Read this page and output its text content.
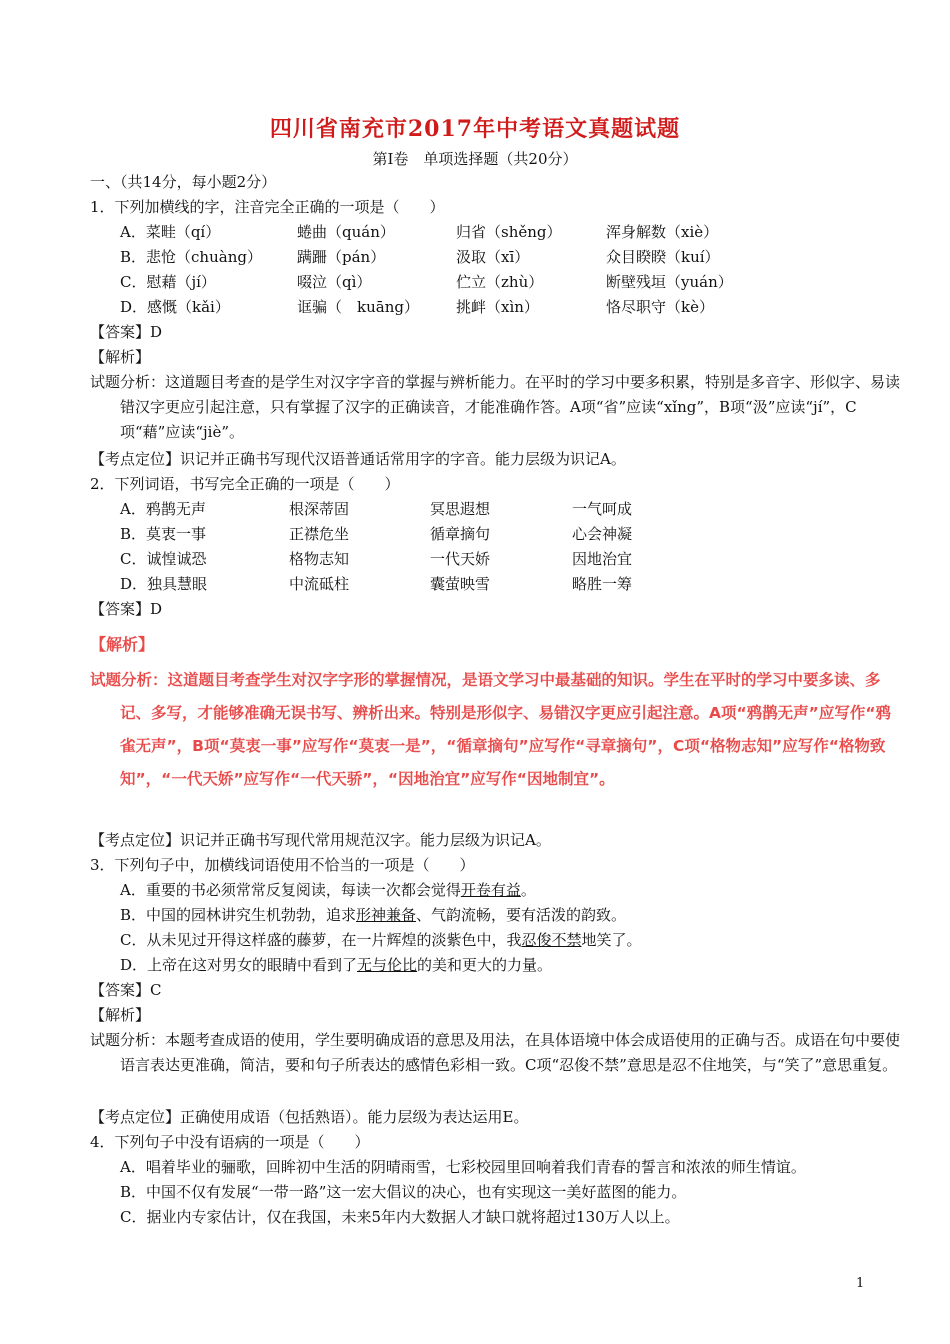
四川省南充市2017年中考语文真题试题
第Ⅰ卷　单项选择题（共20分）
一、（共14分，每小题2分）
1．下列加横线的字，注音完全正确的一项是（　　）
A．菜畦（qí）	蜷曲（quán）	归省（shěng）	浑身解数（xiè）
B．悲怆（chuàng） 蹒跚（pán）	汲取（xī）	众目睽睽（kuí）
C．慰藉（jí）	啜泣（qì）	伫立（zhù）	断壁残垣（yuán）
D．感慨（kǎi）	诓骗（　kuāng） 挑衅（xìn）	恪尽职守（kè）
【答案】D
【解析】
试题分析：这道题目考查的是学生对汉字字音的掌握与辨析能力。在平时的学习中要多积累，特别是多音字、形似字、易读错汉字更应引起注意，只有掌握了汉字的正确读音，才能准确作答。A项“省”应读“xǐng”，B项“汲”应读“jí”，C项“藉”应读“jiè”。
【考点定位】识记并正确书写现代汉语普通话常用字的字音。能力层级为识记A。
2．下列词语，书写完全正确的一项是（　　）
A．鸦鹊无声	根深蒂固	冥思遐想	一气呵成
B．莫衷一事	正襟危坐	循章摘句	心会神凝
C．诚惶诚恐	格物志知	一代天娇	因地治宜
D．独具慧眼	中流砥柱	囊萤映雪	略胜一筹
【答案】D
【解析】
试题分析：这道题目考查学生对汉字字形的掌握情况，是语文学习中最基础的知识。学生在平时的学习中要多读、多记、多写，才能够准确无误书写、辨析出来。特别是形似字、易错汉字更应引起注意。A项“鸦鹊无声”应写作“鸦雀无声”，B项“莫衷一事”应写作“莫衷一是”，“循章摘句”应写作“寻章摘句”，C项“格物志知”应写作“格物致知”，“一代天娇”应写作“一代天骄”，“因地治宜”应写作“因地制宜”。
【考点定位】识记并正确书写现代常用规范汉字。能力层级为识记A。
3．下列句子中，加横线词语使用不恰当的一项是（　　）
A．重要的书必须常常反复阅读，每读一次都会觉得开卷有益。
B．中国的园林讲究生机勃勃，追求形神兼备、气韵流畅，要有活泼的韵致。
C．从未见过开得这样盛的藤萝，在一片辉煌的淡紫色中，我忍俊不禁地笑了。
D．上帝在这对男女的眼睛中看到了无与伦比的美和更大的力量。
【答案】C
【解析】
试题分析：本题考查成语的使用，学生要明确成语的意思及用法，在具体语境中体会成语使用的正确与否。成语在句中要使语言表达更准确，简洁，要和句子所表达的感情色彩相一致。C项“忍俊不禁”意思是忍不住地笑，与“笑了”意思重复。
【考点定位】正确使用成语（包括熟语）。能力层级为表达运用E。
4．下列句子中没有语病的一项是（　　）
A．唱着毕业的骊歌，回眸初中生活的阴晴雨雪，七彩校园里回响着我们青春的誓言和浓浓的师生情谊。
B．中国不仅有发展“一带一路”这一宏大倡议的决心，也有实现这一美好蓝图的能力。
C．据业内专家估计，仅在我国，未来5年内大数据人才缺口就将超过130万人以上。
1
